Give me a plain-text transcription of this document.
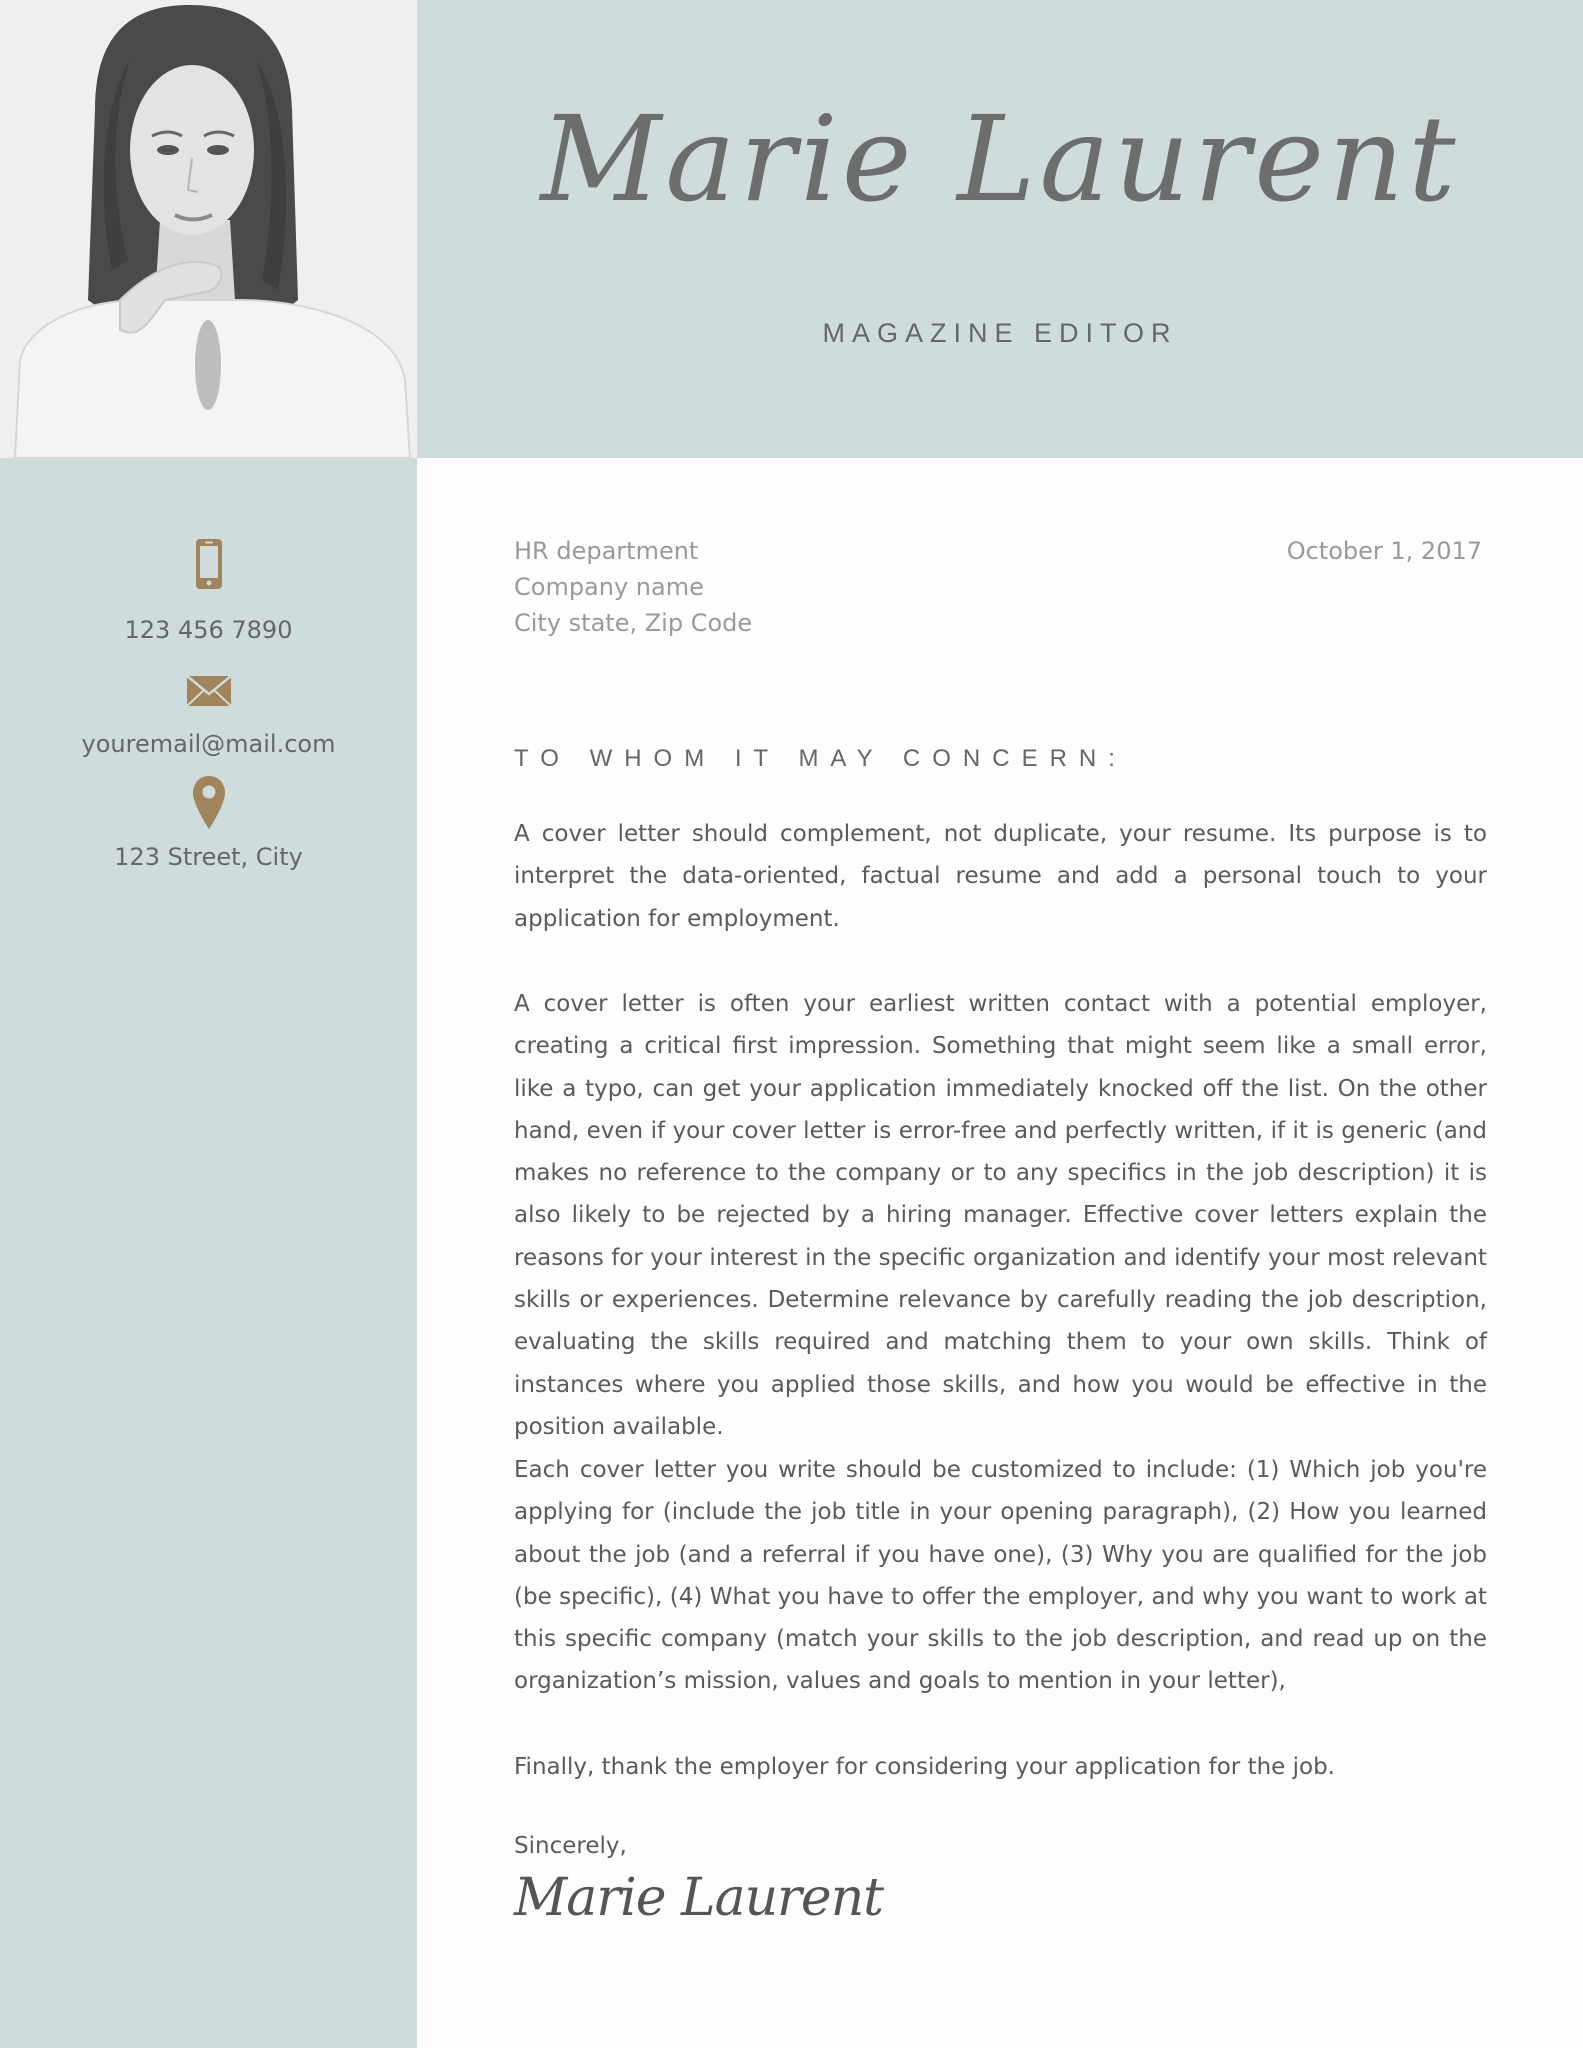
Marie Laurent
MAGAZINE EDITOR
123 456 7890
youremail@mail.com
123 Street, City
HR department
Company name
City state, Zip Code
October 1, 2017
TO WHOM IT MAY CONCERN:

A cover letter should complement, not duplicate, your resume. Its purpose is to interpret the data-oriented, factual resume and add a personal touch to your application for employment.

A cover letter is often your earliest written contact with a potential employer, creating a critical first impression. Something that might seem like a small error, like a typo, can get your application immediately knocked off the list. On the other hand, even if your cover letter is error-free and perfectly written, if it is generic (and makes no reference to the company or to any specifics in the job description) it is also likely to be rejected by a hiring manager. Effective cover letters explain the reasons for your interest in the specific organization and identify your most relevant skills or experiences. Determine relevance by carefully reading the job description, evaluating the skills required and matching them to your own skills. Think of instances where you applied those skills, and how you would be effective in the position available.

Each cover letter you write should be customized to include: (1) Which job you're applying for (include the job title in your opening paragraph), (2) How you learned about the job (and a referral if you have one), (3) Why you are qualified for the job (be specific), (4) What you have to offer the employer, and why you want to work at this specific company (match your skills to the job description, and read up on the organization’s mission, values and goals to mention in your letter),

Finally, thank the employer for considering your application for the job.

Sincerely,
Marie Laurent
